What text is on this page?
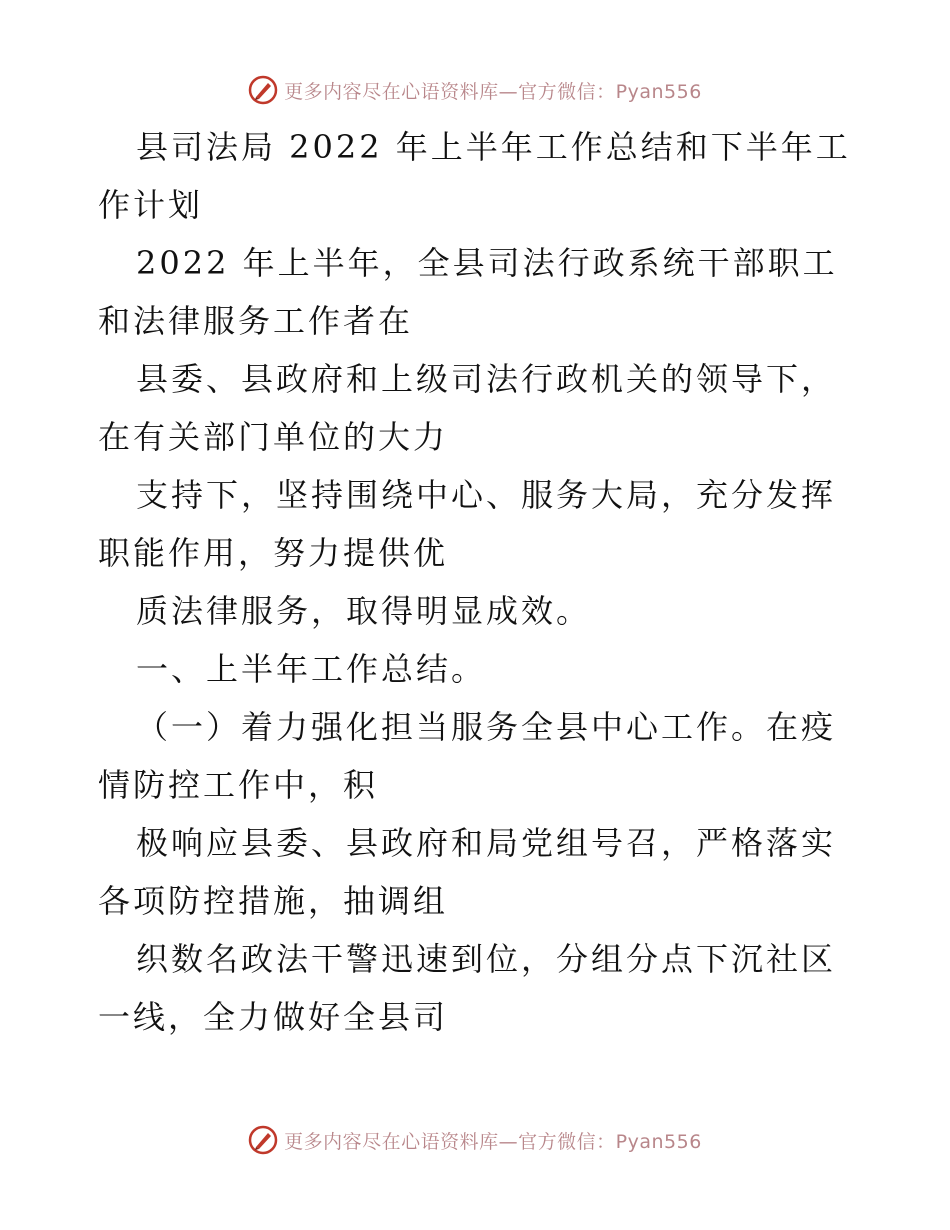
更多内容尽在心语资料库—官方微信：Pyan556

县司法局 2022 年上半年工作总结和下半年工作计划

2022 年上半年，全县司法行政系统干部职工和法律服务工作者在

县委、县政府和上级司法行政机关的领导下，在有关部门单位的大力

支持下，坚持围绕中心、服务大局，充分发挥职能作用，努力提供优

质法律服务，取得明显成效。

一、上半年工作总结。

（一）着力强化担当服务全县中心工作。在疫情防控工作中，积

极响应县委、县政府和局党组号召，严格落实各项防控措施，抽调组

织数名政法干警迅速到位，分组分点下沉社区一线，全力做好全县司

更多内容尽在心语资料库—官方微信：Pyan556
